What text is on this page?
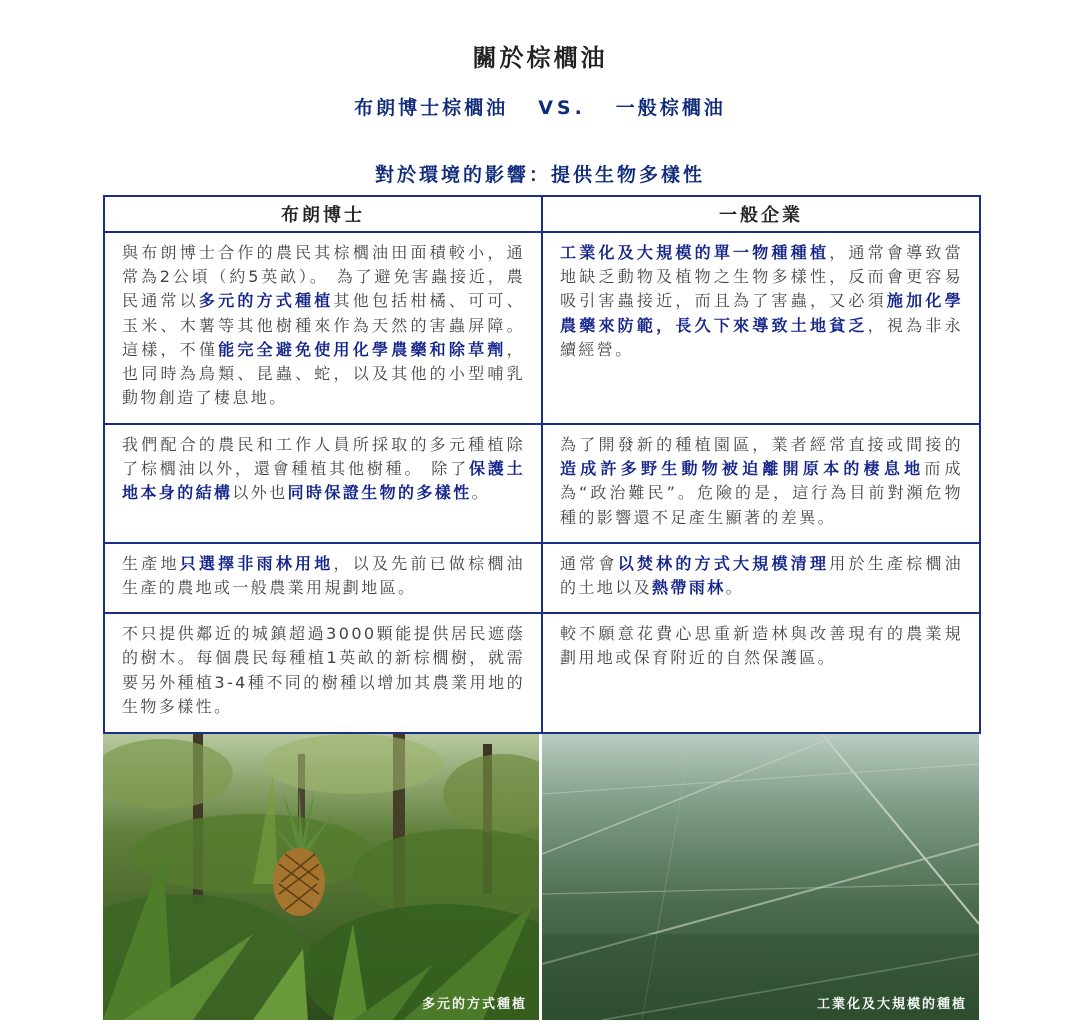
關於棕櫚油
布朗博士棕櫚油 VS. 一般棕櫚油
對於環境的影響：提供生物多樣性
布朗博士	一般企業
與布朗博士合作的農民其棕櫚油田面積較小，通常為2公頃（約5英畝）。 為了避免害蟲接近，農民通常以多元的方式種植其他包括柑橘、可可、玉米、木薯等其他樹種來作為天然的害蟲屏障。這樣，不僅能完全避免使用化學農藥和除草劑，也同時為鳥類、昆蟲、蛇，以及其他的小型哺乳動物創造了棲息地。	工業化及大規模的單一物種種植，通常會導致當地缺乏動物及植物之生物多樣性，反而會更容易吸引害蟲接近，而且為了害蟲，又必須施加化學農藥來防範，長久下來導致土地貧乏，視為非永續經營。
我們配合的農民和工作人員所採取的多元種植除了棕櫚油以外，還會種植其他樹種。 除了保護土地本身的結構以外也同時保證生物的多樣性。	為了開發新的種植園區，業者經常直接或間接的造成許多野生動物被迫離開原本的棲息地而成為“政治難民”。危險的是，這行為目前對瀕危物種的影響還不足產生顯著的差異。
生產地只選擇非雨林用地，以及先前已做棕櫚油生產的農地或一般農業用規劃地區。	通常會以焚林的方式大規模清理用於生產棕櫚油的土地以及熱帶雨林。
不只提供鄰近的城鎮超過3000顆能提供居民遮蔭的樹木。每個農民每種植1英畝的新棕櫚樹，就需要另外種植3-4種不同的樹種以增加其農業用地的生物多樣性。	較不願意花費心思重新造林與改善現有的農業規劃用地或保育附近的自然保護區。
多元的方式種植	工業化及大規模的種植
